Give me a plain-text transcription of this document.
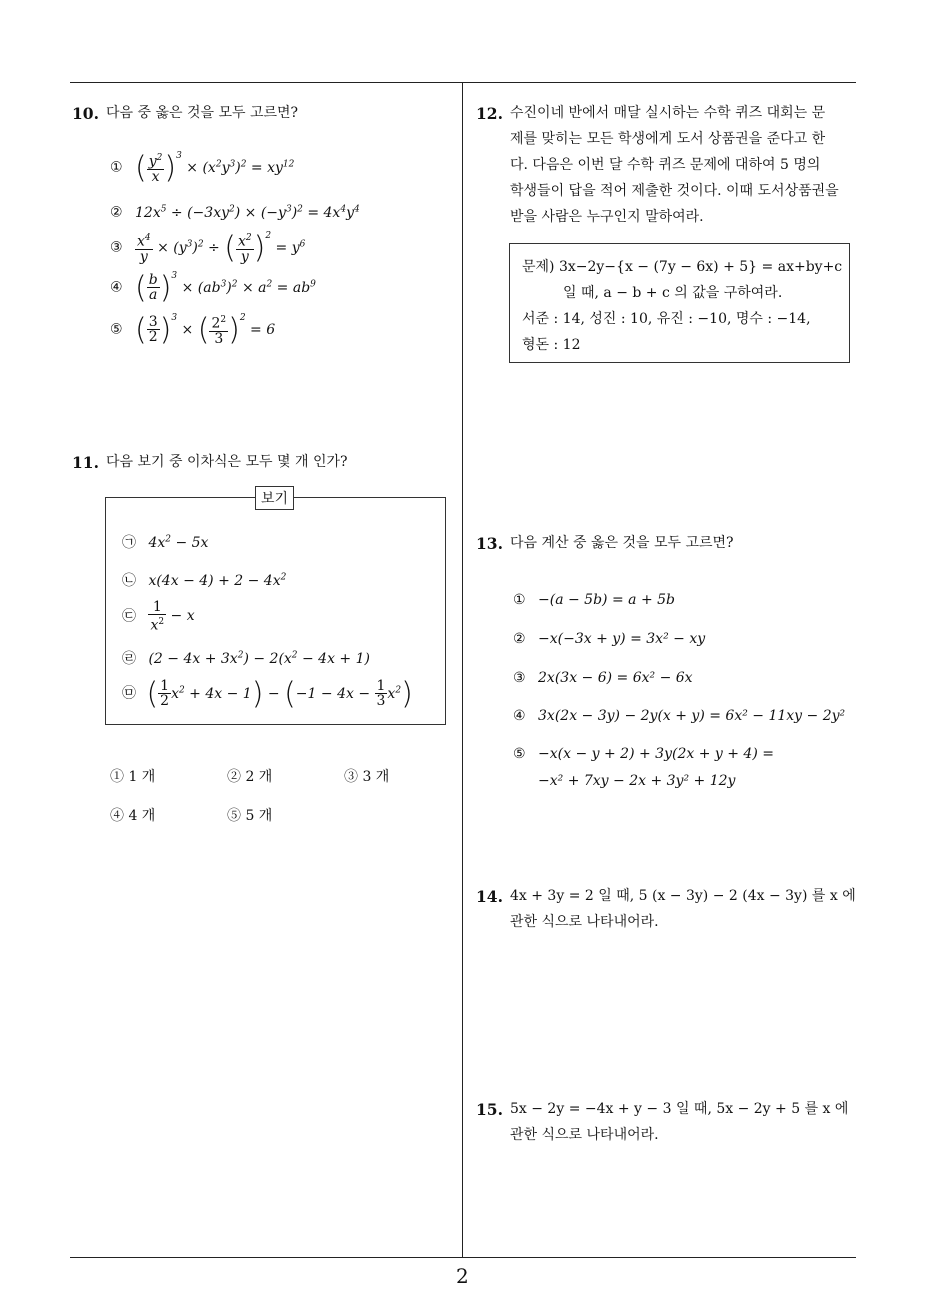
10. 다음 중 옳은 것을 모두 고르면?
① ( $\frac{y^2}{x} )^3 \times (x^2y^3)^2 = xy^{12}$
② $12x^5 \div (-3xy^2) \times (-y^3)^2 = 4x^4y^4$
③ $\frac{x^4}{y} \times (y^3)^2$ ÷ ( $\frac{x^2}{y} )^2 = y^6$
④ ( $\frac{b}{a} )^3 \times (ab^3)^2 \times a^2 = ab^9$
⑤ ( $\frac{3}{2} )^3$ × ( $\frac{2^2}{3} )^2 = 6$
11. 다음 보기 중 이차식은 모두 몇 개 인가?
보기
㉠ $4x^2 - 5x$
㉡ $x(4x - 4) + 2 - 4x^2$
㉢ $\frac{1}{x^2} - x$
㉣ $(2 - 4x + 3x^2) - 2(x^2 - 4x + 1)$
㉤ ( $\frac{1}{2} x^2 + 4x - 1) - (-1 - 4x - \frac{1}{3} x^2)$
① 1 개	② 2 개	③ 3 개
④ 4 개	⑤ 5 개
12. 수진이네 반에서 매달 실시하는 수학 퀴즈 대회는 문
제를 맞히는 모든 학생에게 도서 상품권을 준다고 한
다. 다음은 이번 달 수학 퀴즈 문제에 대하여 5 명의
학생들이 답을 적어 제출한 것이다. 이때 도서상품권을
받을 사람은 누구인지 말하여라.
문제) 3x−2y−{x − (7y − 6x) + 5} = ax+by+c
일 때, a − b + c 의 값을 구하여라.
서준 : 14, 성진 : 10, 유진 : −10, 명수 : −14,
형돈 : 12
13. 다음 계산 중 옳은 것을 모두 고르면?
① −(a − 5b) = a + 5b
② −x(−3x + y) = 3x² − xy
③ 2x(3x − 6) = 6x² − 6x
④ 3x(2x − 3y) − 2y(x + y) = 6x² − 11xy − 2y²
⑤ −x(x − y + 2) + 3y(2x + y + 4) =
−x² + 7xy − 2x + 3y² + 12y
14. 4x + 3y = 2 일 때, 5 (x − 3y) − 2 (4x − 3y) 를 x 에
관한 식으로 나타내어라.
15. 5x − 2y = −4x + y − 3 일 때, 5x − 2y + 5 를 x 에
관한 식으로 나타내어라.
2
